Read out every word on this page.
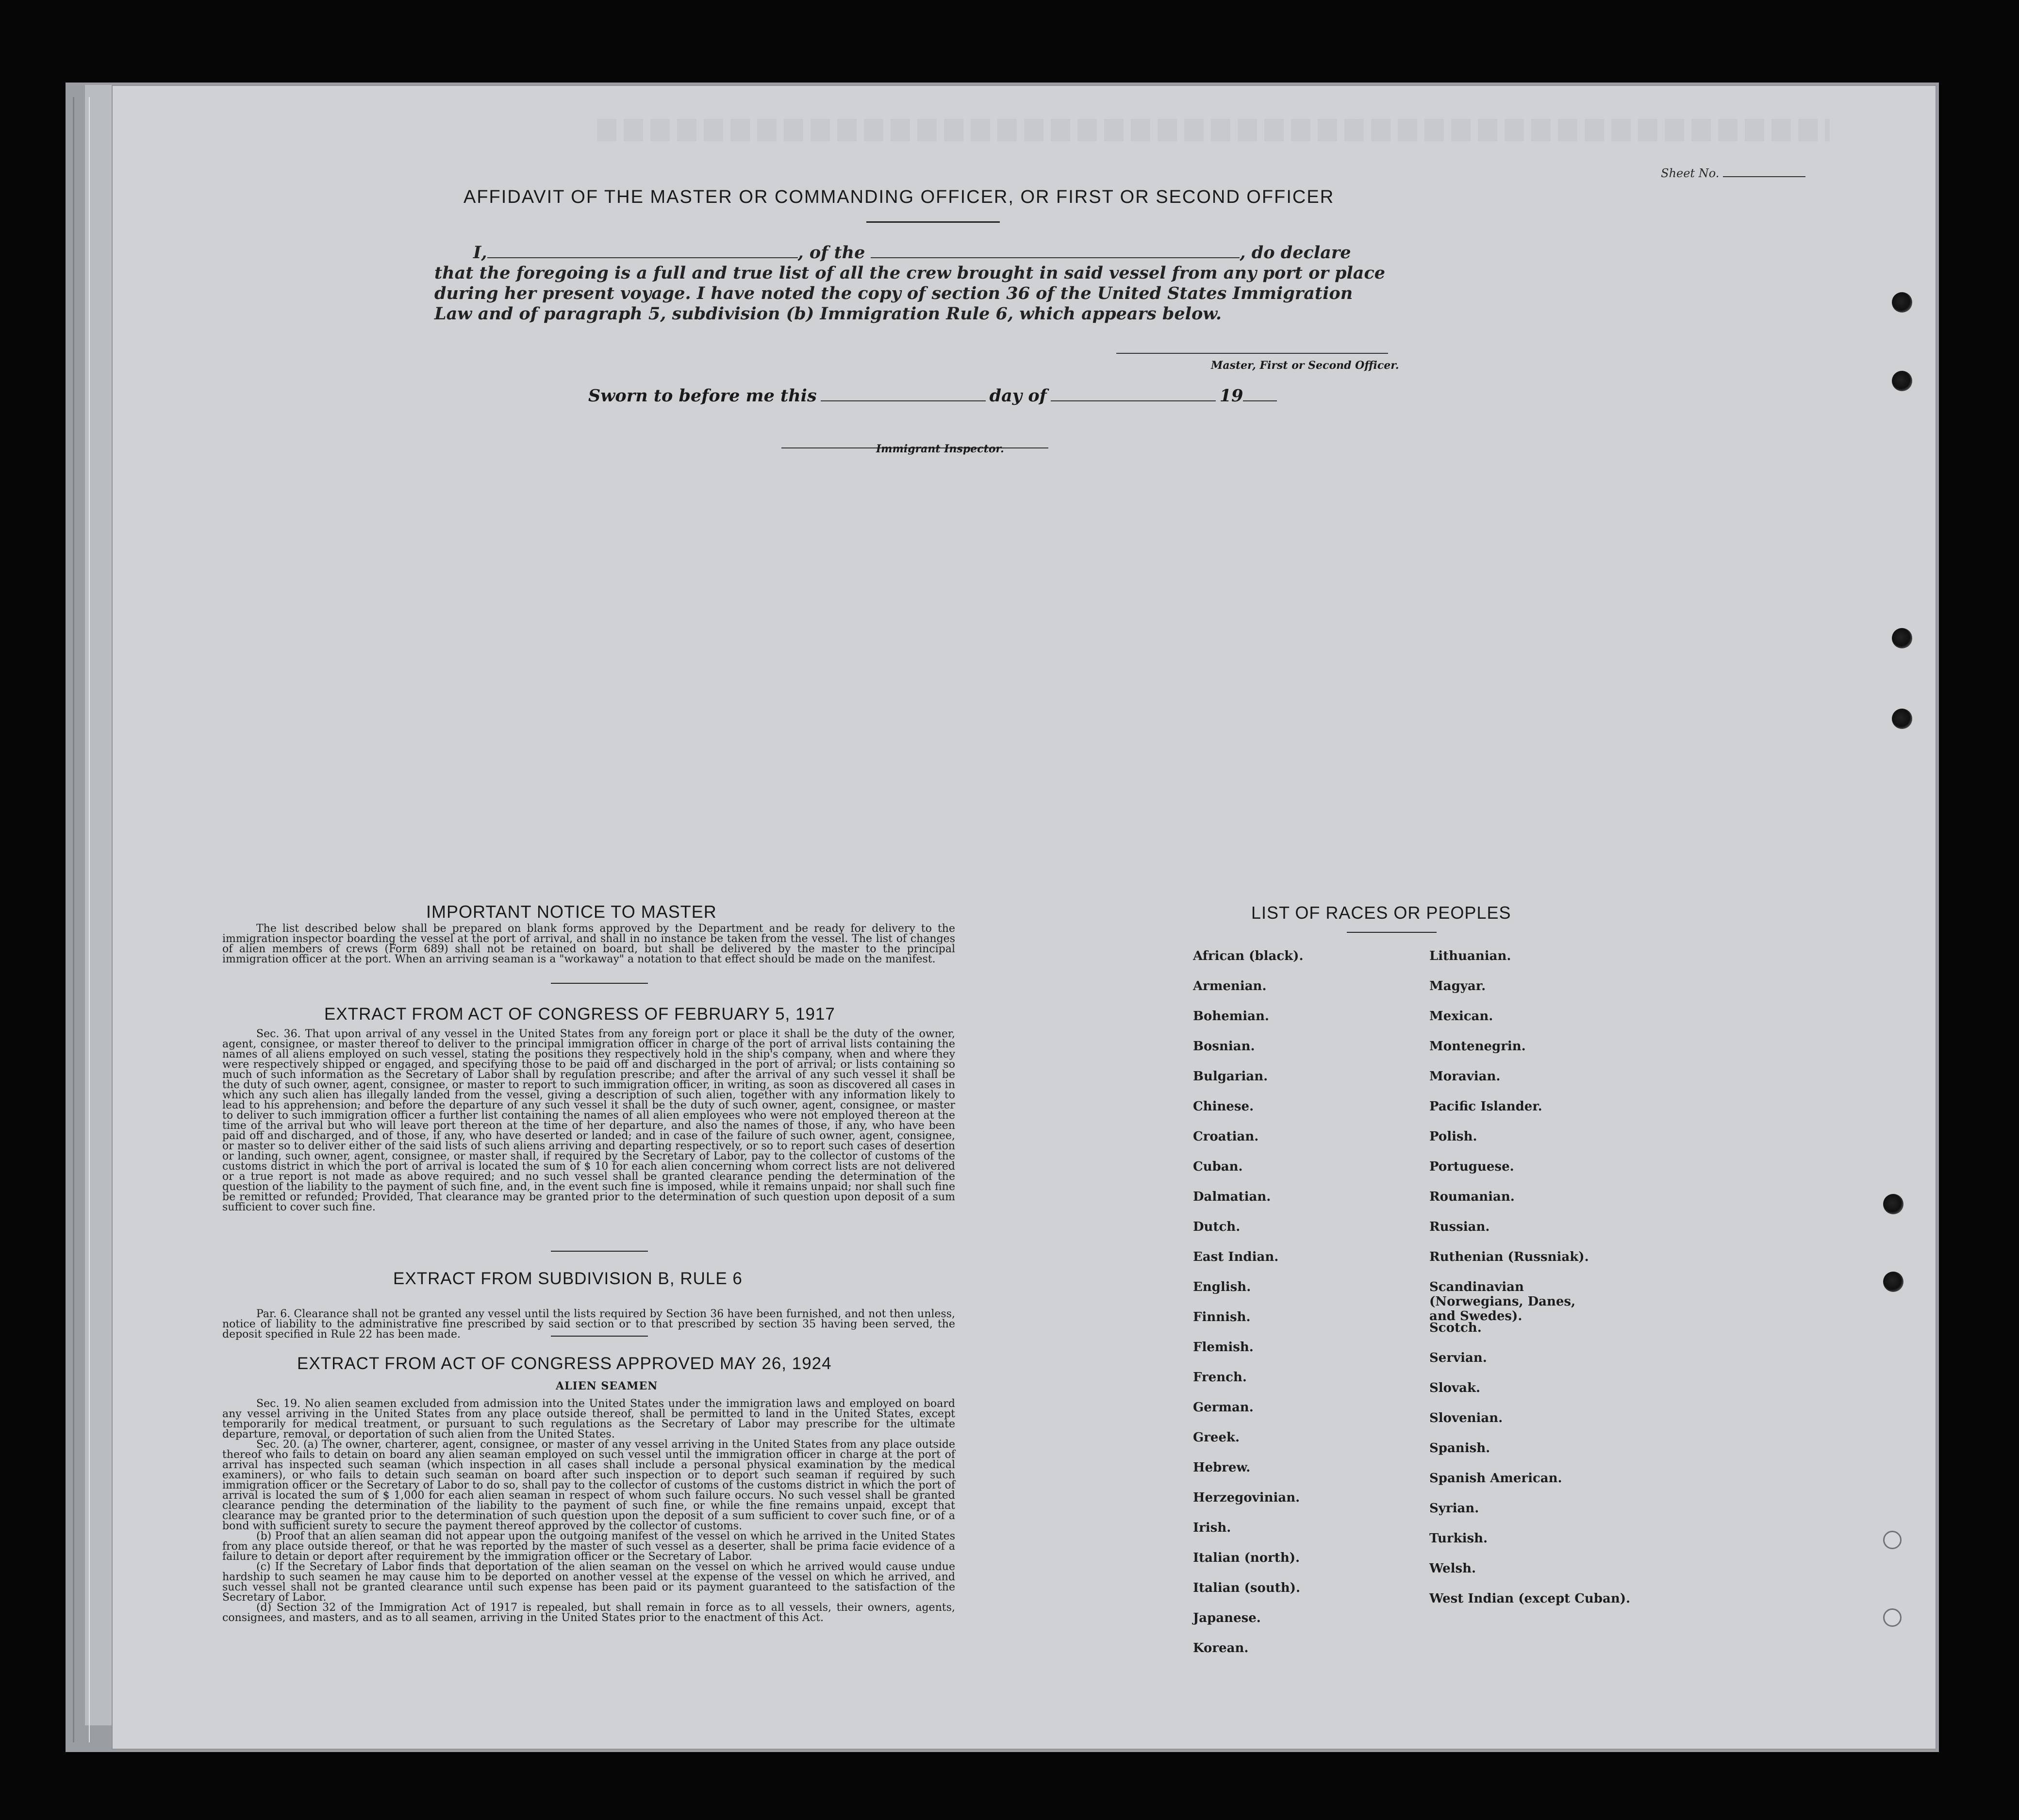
Sheet No.
AFFIDAVIT OF THE MASTER OR COMMANDING OFFICER, OR FIRST OR SECOND OFFICER
I,	, of the	, do declare
that the foregoing is a full and true list of all the crew brought in said vessel from any port or place during her present voyage. I have noted the copy of section 36 of the United States Immigration Law and of paragraph 5, subdivision (b) Immigration Rule 6, which appears below.
Master, First or Second Officer.
Sworn to before me this	day of	19
Immigrant Inspector.
IMPORTANT NOTICE TO MASTER

The list described below shall be prepared on blank forms approved by the Department and be ready for delivery to the immigration inspector boarding the vessel at the port of arrival, and shall in no instance be taken from the vessel. The list of changes of alien members of crews (Form 689) shall not be retained on board, but shall be delivered by the master to the principal immigration officer at the port. When an arriving seaman is a "workaway" a notation to that effect should be made on the manifest.

EXTRACT FROM ACT OF CONGRESS OF FEBRUARY 5, 1917

Sec. 36. That upon arrival of any vessel in the United States from any foreign port or place it shall be the duty of the owner, agent, consignee, or master thereof to deliver to the principal immigration officer in charge of the port of arrival lists containing the names of all aliens employed on such vessel, stating the positions they respectively hold in the ship's company, when and where they were respectively shipped or engaged, and specifying those to be paid off and discharged in the port of arrival; or lists containing so much of such information as the Secretary of Labor shall by regulation prescribe; and after the arrival of any such vessel it shall be the duty of such owner, agent, consignee, or master to report to such immigration officer, in writing, as soon as discovered all cases in which any such alien has illegally landed from the vessel, giving a description of such alien, together with any information likely to lead to his apprehension; and before the departure of any such vessel it shall be the duty of such owner, agent, consignee, or master to deliver to such immigration officer a further list containing the names of all alien employees who were not employed thereon at the time of the arrival but who will leave port thereon at the time of her departure, and also the names of those, if any, who have been paid off and discharged, and of those, if any, who have deserted or landed; and in case of the failure of such owner, agent, consignee, or master so to deliver either of the said lists of such aliens arriving and departing respectively, or so to report such cases of desertion or landing, such owner, agent, consignee, or master shall, if required by the Secretary of Labor, pay to the collector of customs of the customs district in which the port of arrival is located the sum of $ 10 for each alien concerning whom correct lists are not delivered or a true report is not made as above required; and no such vessel shall be granted clearance pending the determination of the question of the liability to the payment of such fine, and, in the event such fine is imposed, while it remains unpaid; nor shall such fine be remitted or refunded; Provided, That clearance may be granted prior to the determination of such question upon deposit of a sum sufficient to cover such fine.

EXTRACT FROM SUBDIVISION B, RULE 6

Par. 6. Clearance shall not be granted any vessel until the lists required by Section 36 have been furnished, and not then unless, notice of liability to the administrative fine prescribed by said section or to that prescribed by section 35 having been served, the deposit specified in Rule 22 has been made.

EXTRACT FROM ACT OF CONGRESS APPROVED MAY 26, 1924
ALIEN SEAMEN

Sec. 19. No alien seamen excluded from admission into the United States under the immigration laws and employed on board any vessel arriving in the United States from any place outside thereof, shall be permitted to land in the United States, except temporarily for medical treatment, or pursuant to such regulations as the Secretary of Labor may prescribe for the ultimate departure, removal, or deportation of such alien from the United States.

Sec. 20. (a) The owner, charterer, agent, consignee, or master of any vessel arriving in the United States from any place outside thereof who fails to detain on board any alien seaman employed on such vessel until the immigration officer in charge at the port of arrival has inspected such seaman (which inspection in all cases shall include a personal physical examination by the medical examiners), or who fails to detain such seaman on board after such inspection or to deport such seaman if required by such immigration officer or the Secretary of Labor to do so, shall pay to the collector of customs of the customs district in which the port of arrival is located the sum of $ 1,000 for each alien seaman in respect of whom such failure occurs. No such vessel shall be granted clearance pending the determination of the liability to the payment of such fine, or while the fine remains unpaid, except that clearance may be granted prior to the determination of such question upon the deposit of a sum sufficient to cover such fine, or of a bond with sufficient surety to secure the payment thereof approved by the collector of customs.

(b) Proof that an alien seaman did not appear upon the outgoing manifest of the vessel on which he arrived in the United States from any place outside thereof, or that he was reported by the master of such vessel as a deserter, shall be prima facie evidence of a failure to detain or deport after requirement by the immigration officer or the Secretary of Labor.

(c) If the Secretary of Labor finds that deportation of the alien seaman on the vessel on which he arrived would cause undue hardship to such seamen he may cause him to be deported on another vessel at the expense of the vessel on which he arrived, and such vessel shall not be granted clearance until such expense has been paid or its payment guaranteed to the satisfaction of the Secretary of Labor.

(d) Section 32 of the Immigration Act of 1917 is repealed, but shall remain in force as to all vessels, their owners, agents, consignees, and masters, and as to all seamen, arriving in the United States prior to the enactment of this Act.

LIST OF RACES OR PEOPLES
African (black).
Armenian.
Bohemian.
Bosnian.
Bulgarian.
Chinese.
Croatian.
Cuban.
Dalmatian.
Dutch.
East Indian.
English.
Finnish.
Flemish.
French.
German.
Greek.
Hebrew.
Herzegovinian.
Irish.
Italian (north).
Italian (south).
Japanese.
Korean.
Lithuanian.
Magyar.
Mexican.
Montenegrin.
Moravian.
Pacific Islander.
Polish.
Portuguese.
Roumanian.
Russian.
Ruthenian (Russniak).
Scandinavian (Norwegians, Danes, and Swedes).
Scotch.
Servian.
Slovak.
Slovenian.
Spanish.
Spanish American.
Syrian.
Turkish.
Welsh.
West Indian (except Cuban).
